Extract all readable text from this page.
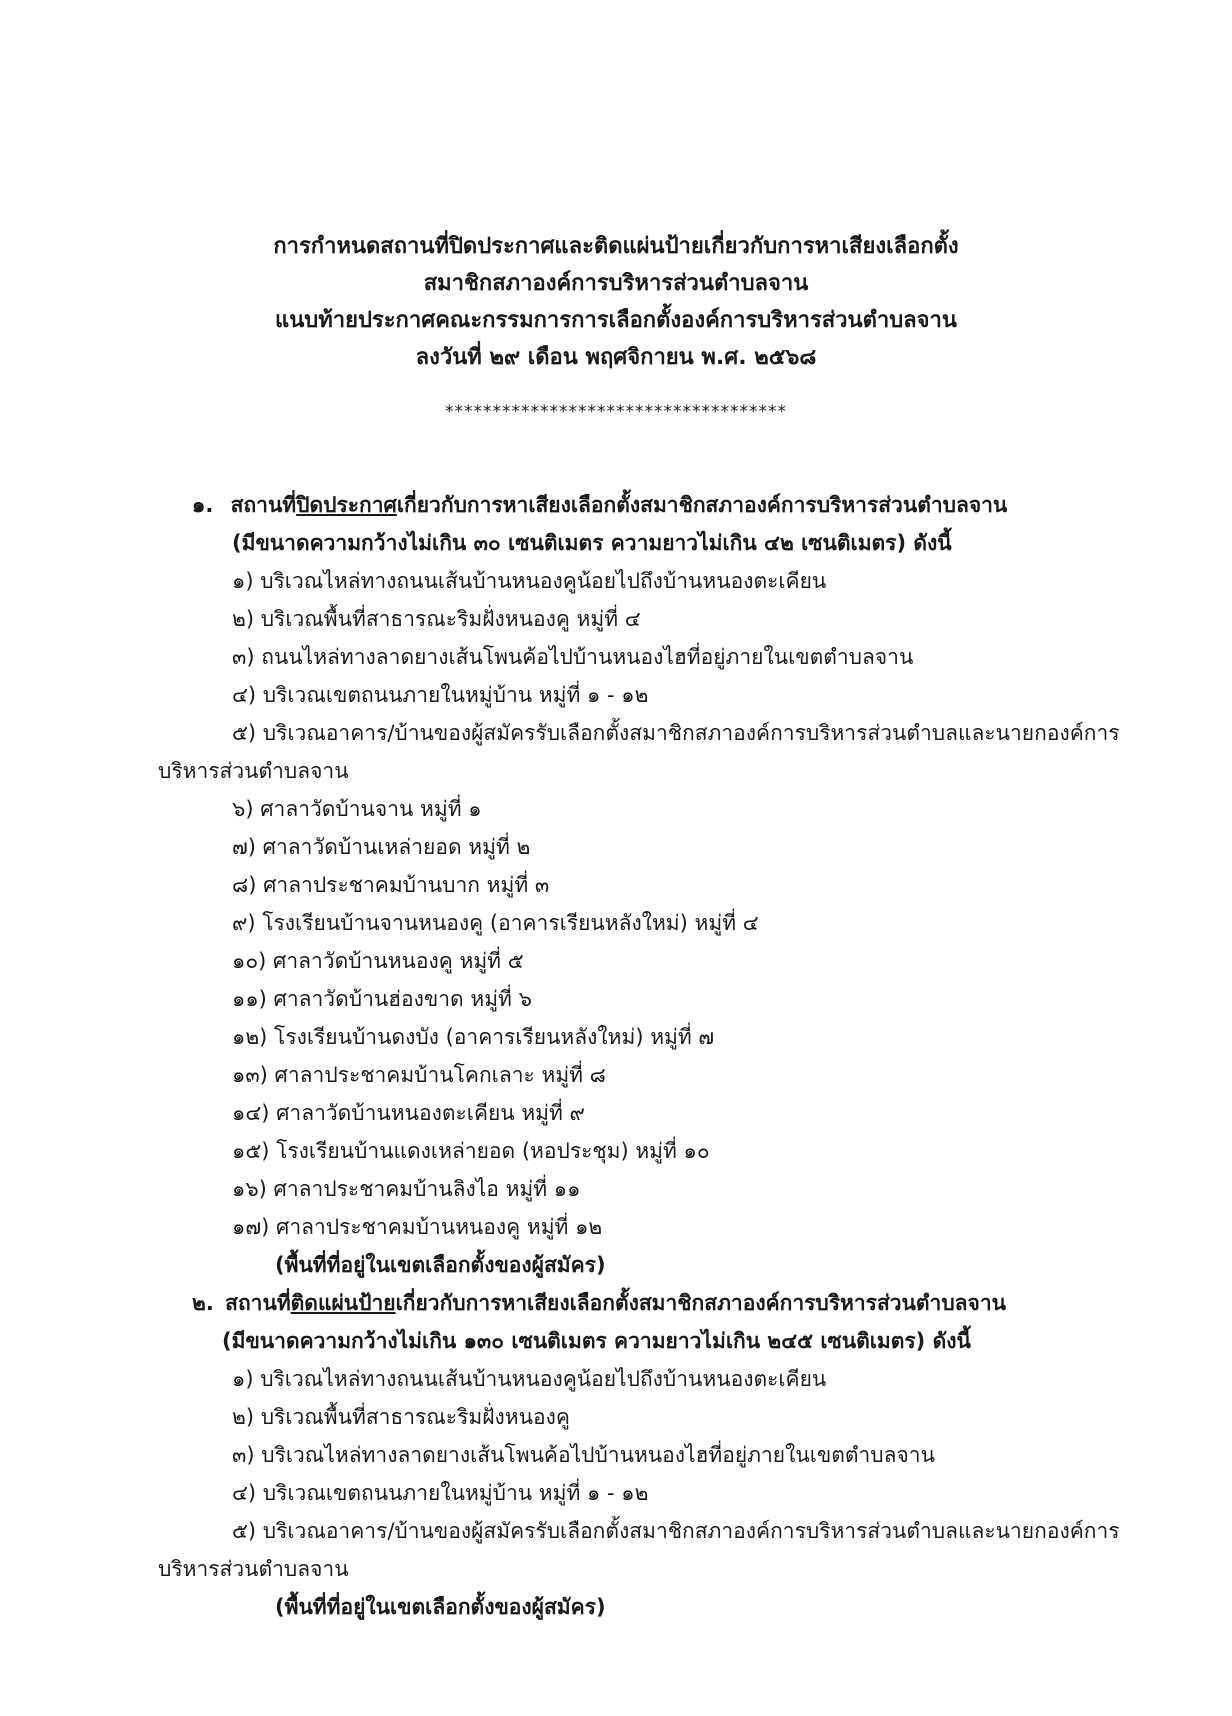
การกำหนดสถานที่ปิดประกาศและติดแผ่นป้ายเกี่ยวกับการหาเสียงเลือกตั้ง
สมาชิกสภาองค์การบริหารส่วนตำบลจาน
แนบท้ายประกาศคณะกรรมการการเลือกตั้งองค์การบริหารส่วนตำบลจาน
ลงวันที่ ๒๙ เดือน พฤศจิกายน พ.ศ. ๒๕๖๘
************************************
๑. สถานที่ปิดประกาศเกี่ยวกับการหาเสียงเลือกตั้งสมาชิกสภาองค์การบริหารส่วนตำบลจาน
(มีขนาดความกว้างไม่เกิน ๓๐ เซนติเมตร ความยาวไม่เกิน ๔๒ เซนติเมตร) ดังนี้
๑) บริเวณไหล่ทางถนนเส้นบ้านหนองคูน้อยไปถึงบ้านหนองตะเคียน
๒) บริเวณพื้นที่สาธารณะริมฝั่งหนองคู หมู่ที่ ๔
๓) ถนนไหล่ทางลาดยางเส้นโพนค้อไปบ้านหนองไฮที่อยู่ภายในเขตตำบลจาน
๔) บริเวณเขตถนนภายในหมู่บ้าน หมู่ที่ ๑ - ๑๒
๕) บริเวณอาคาร/บ้านของผู้สมัครรับเลือกตั้งสมาชิกสภาองค์การบริหารส่วนตำบลและนายกองค์การ
บริหารส่วนตำบลจาน
๖) ศาลาวัดบ้านจาน หมู่ที่ ๑
๗) ศาลาวัดบ้านเหล่ายอด หมู่ที่ ๒
๘) ศาลาประชาคมบ้านบาก หมู่ที่ ๓
๙) โรงเรียนบ้านจานหนองคู (อาคารเรียนหลังใหม่) หมู่ที่ ๔
๑๐) ศาลาวัดบ้านหนองคู หมู่ที่ ๕
๑๑) ศาลาวัดบ้านฮ่องขาด หมู่ที่ ๖
๑๒) โรงเรียนบ้านดงบัง (อาคารเรียนหลังใหม่) หมู่ที่ ๗
๑๓) ศาลาประชาคมบ้านโคกเลาะ หมู่ที่ ๘
๑๔) ศาลาวัดบ้านหนองตะเคียน หมู่ที่ ๙
๑๕) โรงเรียนบ้านแดงเหล่ายอด (หอประชุม) หมู่ที่ ๑๐
๑๖) ศาลาประชาคมบ้านลิงไอ หมู่ที่ ๑๑
๑๗) ศาลาประชาคมบ้านหนองคู หมู่ที่ ๑๒
(พื้นที่ที่อยู่ในเขตเลือกตั้งของผู้สมัคร)
๒. สถานที่ติดแผ่นป้ายเกี่ยวกับการหาเสียงเลือกตั้งสมาชิกสภาองค์การบริหารส่วนตำบลจาน
(มีขนาดความกว้างไม่เกิน ๑๓๐ เซนติเมตร ความยาวไม่เกิน ๒๔๕ เซนติเมตร) ดังนี้
๑) บริเวณไหล่ทางถนนเส้นบ้านหนองคูน้อยไปถึงบ้านหนองตะเคียน
๒) บริเวณพื้นที่สาธารณะริมฝั่งหนองคู
๓) บริเวณไหล่ทางลาดยางเส้นโพนค้อไปบ้านหนองไฮที่อยู่ภายในเขตตำบลจาน
๔) บริเวณเขตถนนภายในหมู่บ้าน หมู่ที่ ๑ - ๑๒
๕) บริเวณอาคาร/บ้านของผู้สมัครรับเลือกตั้งสมาชิกสภาองค์การบริหารส่วนตำบลและนายกองค์การ
บริหารส่วนตำบลจาน
(พื้นที่ที่อยู่ในเขตเลือกตั้งของผู้สมัคร)
